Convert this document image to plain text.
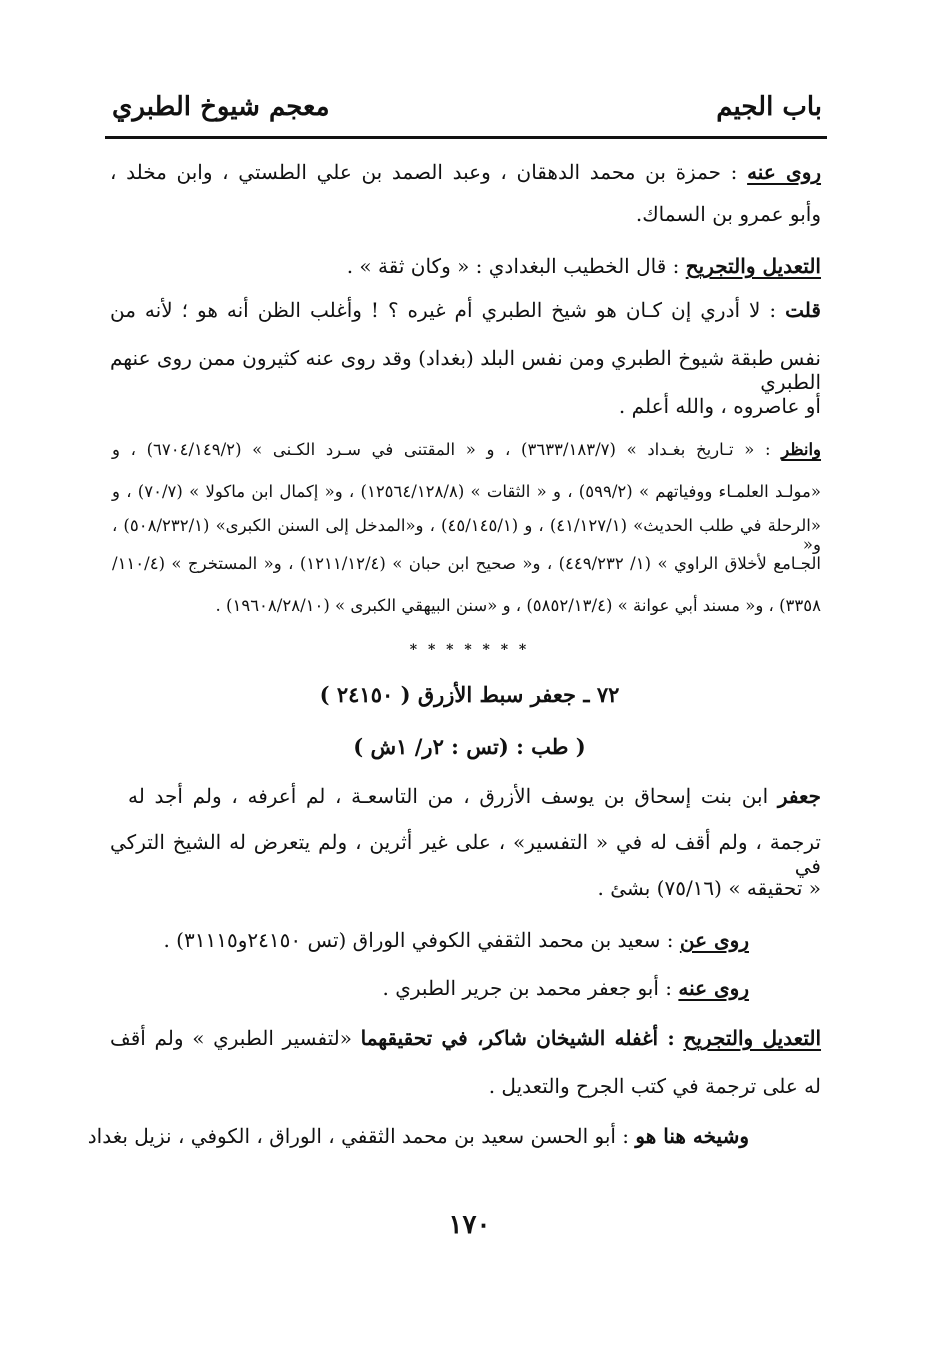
باب الجيم
معجم شيوخ الطبري
روى عنه : حمزة بن محمد الدهقان ، وعبد الصمد بن علي الطستي ، وابن مخلد ،
وأبو عمرو بن السماك.
التعديل والتجريح : قال الخطيب البغدادي : « وكان ثقة » .
قلت : لا أدري إن كـان هو شيخ الطبري أم غيره ؟ ! وأغلب الظن أنه هو ؛ لأنه من
نفس طبقة شيوخ الطبري ومن نفس البلد (بغداد) وقد روى عنه كثيرون ممن روى عنهم الطبري
أو عاصروه ، والله أعلم .
وانظر : « تـاريخ بغـداد » (٣٦٣٣/١٨٣/٧) ، و « المقتنى في سـرد الكـنى » (٦٧٠٤/١٤٩/٢) ، و
«مولـد العلمـاء ووفياتهم » (٥٩٩/٢) ، و « الثقات » (١٢٥٦٤/١٢٨/٨) ، و« إكمال ابن ماكولا » (٧٠/٧) ، و
«الرحلة في طلب الحديث» (٤١/١٢٧/١) ، و (٤٥/١٤٥/١) ، و«المدخل إلى السنن الكبرى» (٥٠٨/٢٣٢/١) ، و«
الجـامع لأخلاق الراوي » (١/ ٤٤٩/٢٣٢) ، و« صحيح ابن حبان » (١٢١١/١٢/٤) ، و« المستخرج » (١١٠/٤/
٣٣٥٨) ، و« مسند أبي عوانة » (٥٨٥٢/١٣/٤) ، و «سنن البيهقي الكبرى » (١٩٦٠٨/٢٨/١٠) .
* * * * * * *
٧٢ ـ جعفر سبط الأزرق ( ٢٤١٥٠ )
( طب : (تس : ٢ر/ ١ش )
جعفر ابن بنت إسحاق بن يوسف الأزرق ، من التاسعـة ، لم أعرفه ، ولم أجد له
ترجمة ، ولم أقف له في « التفسير» ، على غير أثرين ، ولم يتعرض له الشيخ التركي في
« تحقيقه » (٧٥/١٦) بشئ .
روى عن : سعيد بن محمد الثقفي الكوفي الوراق (تس ٢٤١٥٠و٣١١١٥) .
روى عنه : أبو جعفر محمد بن جرير الطبري .
التعديل والتجريح : أغفله الشيخان شاكر، في تحقيقهما «لتفسير الطبري » ولم أقف
له على ترجمة في كتب الجرح والتعديل .
وشيخه هنا هو : أبو الحسن سعيد بن محمد الثقفي ، الوراق ، الكوفي ، نزيل بغداد
١٧٠
